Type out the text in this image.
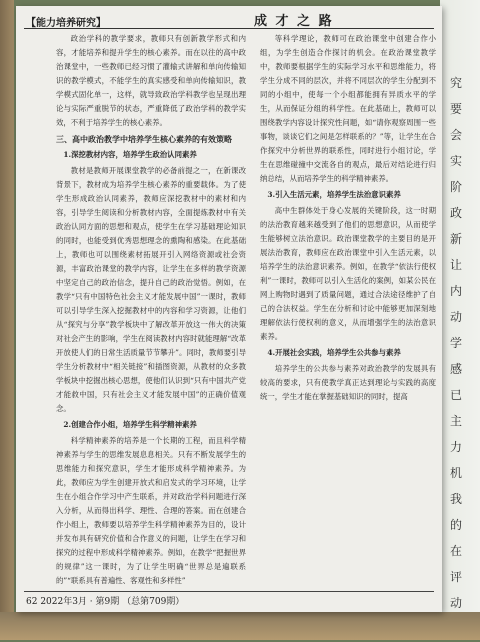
究
要
会
实
阶
政
新
让
内
动
学
感
已
主
力
机
我
的
在
评
动
【能力培养研究】	成 才 之 路

政治学科的教学要求，教师只有创新教学形式和内容，才能培养和提升学生的核心素养。而在以往的高中政治课堂中，一些教师已经习惯了灌输式讲解和单向传输知识的教学模式，不能学生的真实感受和单向传输知识，教学模式固化单一，这样，就导致政治学科教学也呈现出理论与实际严重脱节的状态，严重降低了政治学科的教学实效，不利于培养学生的核心素养。

三、高中政治教学中培养学生核心素养的有效策略
1.深挖教材内容，培养学生政治认同素养

教材是教师开展课堂教学的必备前提之一，在新课改背景下，教材成为培养学生核心素养的重要载体。为了使学生形成政治认同素养，教师应深挖教材中的素材和内容，引导学生阅读和分析教材内容，全面提炼教材中有关政治认同方面的思想和观点，使学生在学习基础理论知识的同时，也能受到优秀思想理念的熏陶和感染。在此基础上，教师也可以围绕素材拓展开引入网络资源或社会资源，丰富政治课堂的教学内容，让学生在多样的教学资源中坚定自己的政治信念，提升自己的政治觉悟。例如，在教学“只有中国特色社会主义才能发展中国”一课时，教师可以引导学生深入挖掘教材中的内容和学习资源，让他们从“探究与分享”教学板块中了解改革开放这一伟大的决策对社会产生的影响，学生在阅读教材内容时就能理解“改革开放使人们的日常生活质量节节攀升”。同时，教师要引导学生分析教材中“相关链接”和插图资源，从教材的众多教学板块中挖掘出核心思想，使他们认识到“只有中国共产党才能救中国，只有社会主义才能发展中国”的正确价值观念。

2.创建合作小组，培养学生科学精神素养

科学精神素养的培养是一个长期的工程，而且科学精神素养与学生的思维发展息息相关。只有不断发展学生的思维能力和探究意识，学生才能形成科学精神素养。为此，教师应为学生创建开放式和启发式的学习环境，让学生在小组合作学习中产生联系，并对政治学科问题进行深入分析，从而得出科学、理性、合理的答案。而在创建合作小组上，教师要以培养学生科学精神素养为目的，设计并发布具有研究价值和合作意义的问题，让学生在学习和探究的过程中形成科学精神素养。例如，在教学“把握世界的规律”这一课时，为了让学生明确“世界总是遍联系的”“联系具有普遍性、客观性和多样性”

等科学理论，教师可在政治课堂中创建合作小组，为学生创造合作探讨的机会。在政治课堂教学中，教师要根据学生的实际学习水平和思维能力，将学生分成不同的层次，并将不同层次的学生分配到不同的小组中，使每一个小组都能拥有异质水平的学生，从而保证分组的科学性。在此基础上，教师可以围绕教学内容设计探究性问题，如“请你观察周围一些事物，谈谈它们之间是怎样联系的？”等，让学生在合作探究中分析世界的联系性，同时进行小组讨论，学生在思维碰撞中交流各自的观点，最后对结论进行归纳总结，从而培养学生的科学精神素养。

3.引入生活元素，培养学生法治意识素养

高中生群体处于身心发展的关键阶段，这一时期的法治教育越来越受到了他们的思想意识，从而使学生能够树立法治意识。政治课堂教学的主要目的是开展法治教育，教师应在政治课堂中引入生活元素，以培养学生的法治意识素养。例如，在教学“依法行使权利”一课时，教师可以引入生活化的案例，如某公民在网上购物时遇到了质量问题，通过合法途径维护了自己的合法权益。学生在分析和讨论中能够更加深刻地理解依法行使权利的意义，从而增强学生的法治意识素养。

4.开展社会实践，培养学生公共参与素养

培养学生的公共参与素养对政治教学的发展具有较高的要求，只有使教学真正达到理论与实践的高度统一，学生才能在掌握基础知识的同时，提高

62 2022年3月 · 第9期 （总第709期）
